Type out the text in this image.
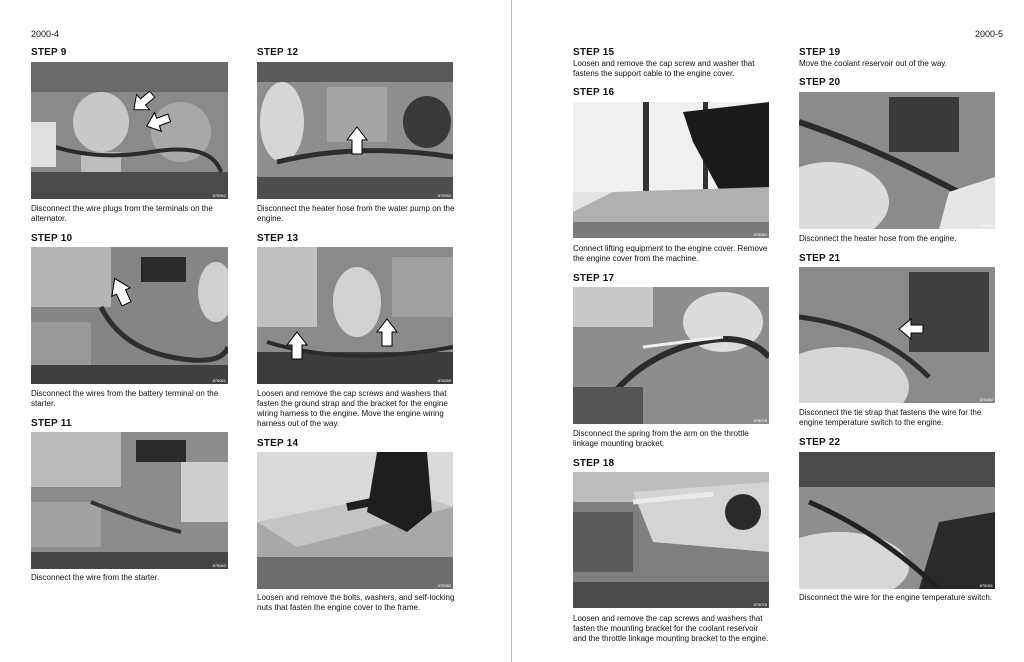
2000-4
STEP 9
875062
Disconnect the wire plugs from the terminals on the alternator.
STEP 10
875061
Disconnect the wires from the battery terminal on the starter.
STEP 11
875063
Disconnect the wire from the starter.
STEP 12
875060
Disconnect the heater hose from the water pump on the engine.
STEP 13
875059
Loosen and remove the cap screws and washers that fasten the ground strap and the bracket for the engine wiring harness to the engine. Move the engine wiring harness out of the way.
STEP 14
875083
Loosen and remove the bolts, washers, and self-locking nuts that fasten the engine cover to the frame.
2000-5
STEP 15
Loosen and remove the cap screw and washer that fastens the support cable to the engine cover.
STEP 16
875084
Connect lifting equipment to the engine cover. Remove the engine cover from the machine.
STEP 17
875078
Disconnect the spring from the arm on the throttle linkage mounting bracket.
STEP 18
875076
Loosen and remove the cap screws and washers that fasten the mounting bracket for the coolant reservoir and the throttle linkage mounting bracket to the engine.
STEP 19
Move the coolant reservoir out of the way.
STEP 20
875071
Disconnect the heater hose from the engine.
STEP 21
875082
Disconnect the tie strap that fastens the wire for the engine temperature switch to the engine.
STEP 22
875081
Disconnect the wire for the engine temperature switch.
